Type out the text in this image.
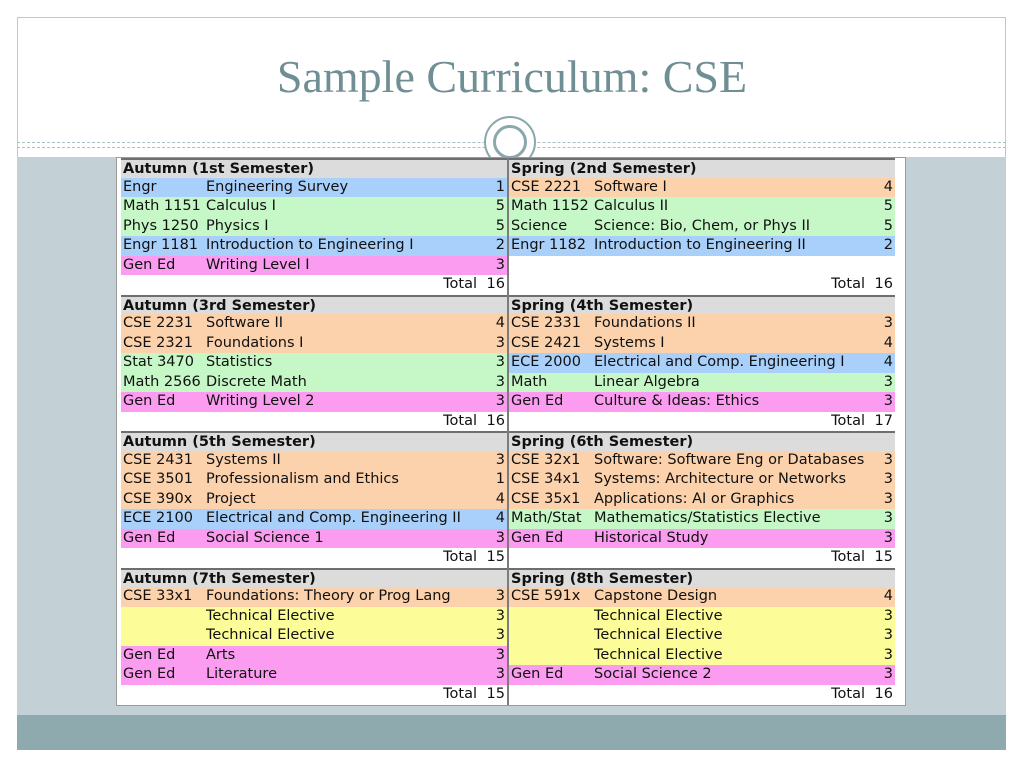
Sample Curriculum: CSE
Autumn (1st Semester)
Engr	Engineering Survey	1
Math 1151 Calculus I	5
Phys 1250 Physics I	5
Engr 1181 Introduction to Engineering I	2
Gen Ed	Writing Level I	3
Total 16
Autumn (3rd Semester)
CSE 2231 Software II	4
CSE 2321 Foundations I	3
Stat 3470 Statistics	3
Math 2566 Discrete Math	3
Gen Ed	Writing Level 2	3
Total 16
Autumn (5th Semester)
CSE 2431 Systems II	3
CSE 3501 Professionalism and Ethics	1
CSE 390x Project	4
ECE 2100 Electrical and Comp. Engineering II	4
Gen Ed	Social Science 1	3
Total 15
Autumn (7th Semester)
CSE 33x1 Foundations: Theory or Prog Lang	3
Technical Elective	3
Technical Elective	3
Gen Ed	Arts	3
Gen Ed	Literature	3
Total 15
Spring (2nd Semester)
CSE 2221 Software I	4
Math 1152 Calculus II	5
Science	Science: Bio, Chem, or Phys II	5
Engr 1182 Introduction to Engineering II	2
Total 16
Spring (4th Semester)
CSE 2331 Foundations II	3
CSE 2421 Systems I	4
ECE 2000 Electrical and Comp. Engineering I	4
Math	Linear Algebra	3
Gen Ed	Culture & Ideas: Ethics	3
Total 17
Spring (6th Semester)
CSE 32x1 Software: Software Eng or Databases	3
CSE 34x1 Systems: Architecture or Networks	3
CSE 35x1 Applications: AI or Graphics	3
Math/Stat Mathematics/Statistics Elective	3
Gen Ed	Historical Study	3
Total 15
Spring (8th Semester)
CSE 591x Capstone Design	4
Technical Elective	3
Technical Elective	3
Technical Elective	3
Gen Ed	Social Science 2	3
Total 16
